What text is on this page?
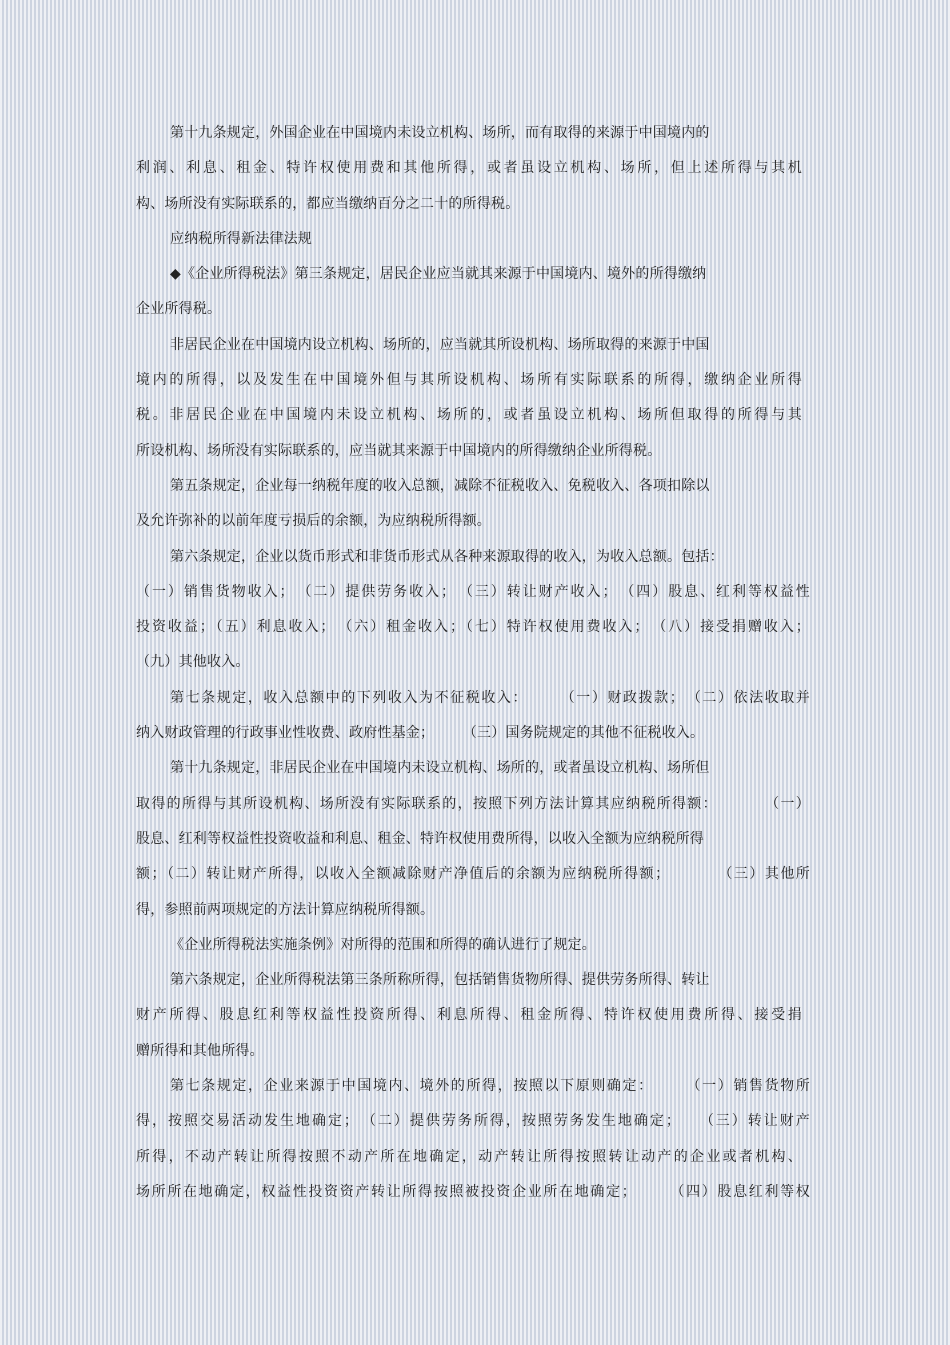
第十九条规定，外国企业在中国境内未设立机构、场所，而有取得的来源于中国境内的
利润、利息、租金、特许权使用费和其他所得，或者虽设立机构、场所，但上述所得与其机
构、场所没有实际联系的，都应当缴纳百分之二十的所得税。
应纳税所得新法律法规
◆《企业所得税法》第三条规定，居民企业应当就其来源于中国境内、境外的所得缴纳
企业所得税。
非居民企业在中国境内设立机构、场所的，应当就其所设机构、场所取得的来源于中国
境内的所得，以及发生在中国境外但与其所设机构、场所有实际联系的所得，缴纳企业所得
税。非居民企业在中国境内未设立机构、场所的，或者虽设立机构、场所但取得的所得与其
所设机构、场所没有实际联系的，应当就其来源于中国境内的所得缴纳企业所得税。
第五条规定，企业每一纳税年度的收入总额，减除不征税收入、免税收入、各项扣除以
及允许弥补的以前年度亏损后的余额，为应纳税所得额。
第六条规定，企业以货币形式和非货币形式从各种来源取得的收入，为收入总额。包括：
（一）销售货物收入；　（二）提供劳务收入；　（三）转让财产收入；　（四）股息、红利等权益性
投资收益；（五）利息收入；　（六）租金收入；（七）特许权使用费收入；　（八）接受捐赠收入；
（九）其他收入。
第七条规定，收入总额中的下列收入为不征税收入：　　　（一）财政拨款；　（二）依法收取并
纳入财政管理的行政事业性收费、政府性基金；　　　（三）国务院规定的其他不征税收入。
第十九条规定，非居民企业在中国境内未设立机构、场所的，或者虽设立机构、场所但
取得的所得与其所设机构、场所没有实际联系的，按照下列方法计算其应纳税所得额：　　　　（一）
股息、红利等权益性投资收益和利息、租金、特许权使用费所得，以收入全额为应纳税所得
额；（二）转让财产所得，以收入全额减除财产净值后的余额为应纳税所得额；　　　　（三）其他所
得，参照前两项规定的方法计算应纳税所得额。
《企业所得税法实施条例》对所得的范围和所得的确认进行了规定。
第六条规定，企业所得税法第三条所称所得，包括销售货物所得、提供劳务所得、转让
财产所得、股息红利等权益性投资所得、利息所得、租金所得、特许权使用费所得、接受捐
赠所得和其他所得。
第七条规定，企业来源于中国境内、境外的所得，按照以下原则确定：　　　（一）销售货物所
得，按照交易活动发生地确定；　（二）提供劳务所得，按照劳务发生地确定；　　（三）转让财产
所得，不动产转让所得按照不动产所在地确定，动产转让所得按照转让动产的企业或者机构、
场所所在地确定，权益性投资资产转让所得按照被投资企业所在地确定；　　　（四）股息红利等权
